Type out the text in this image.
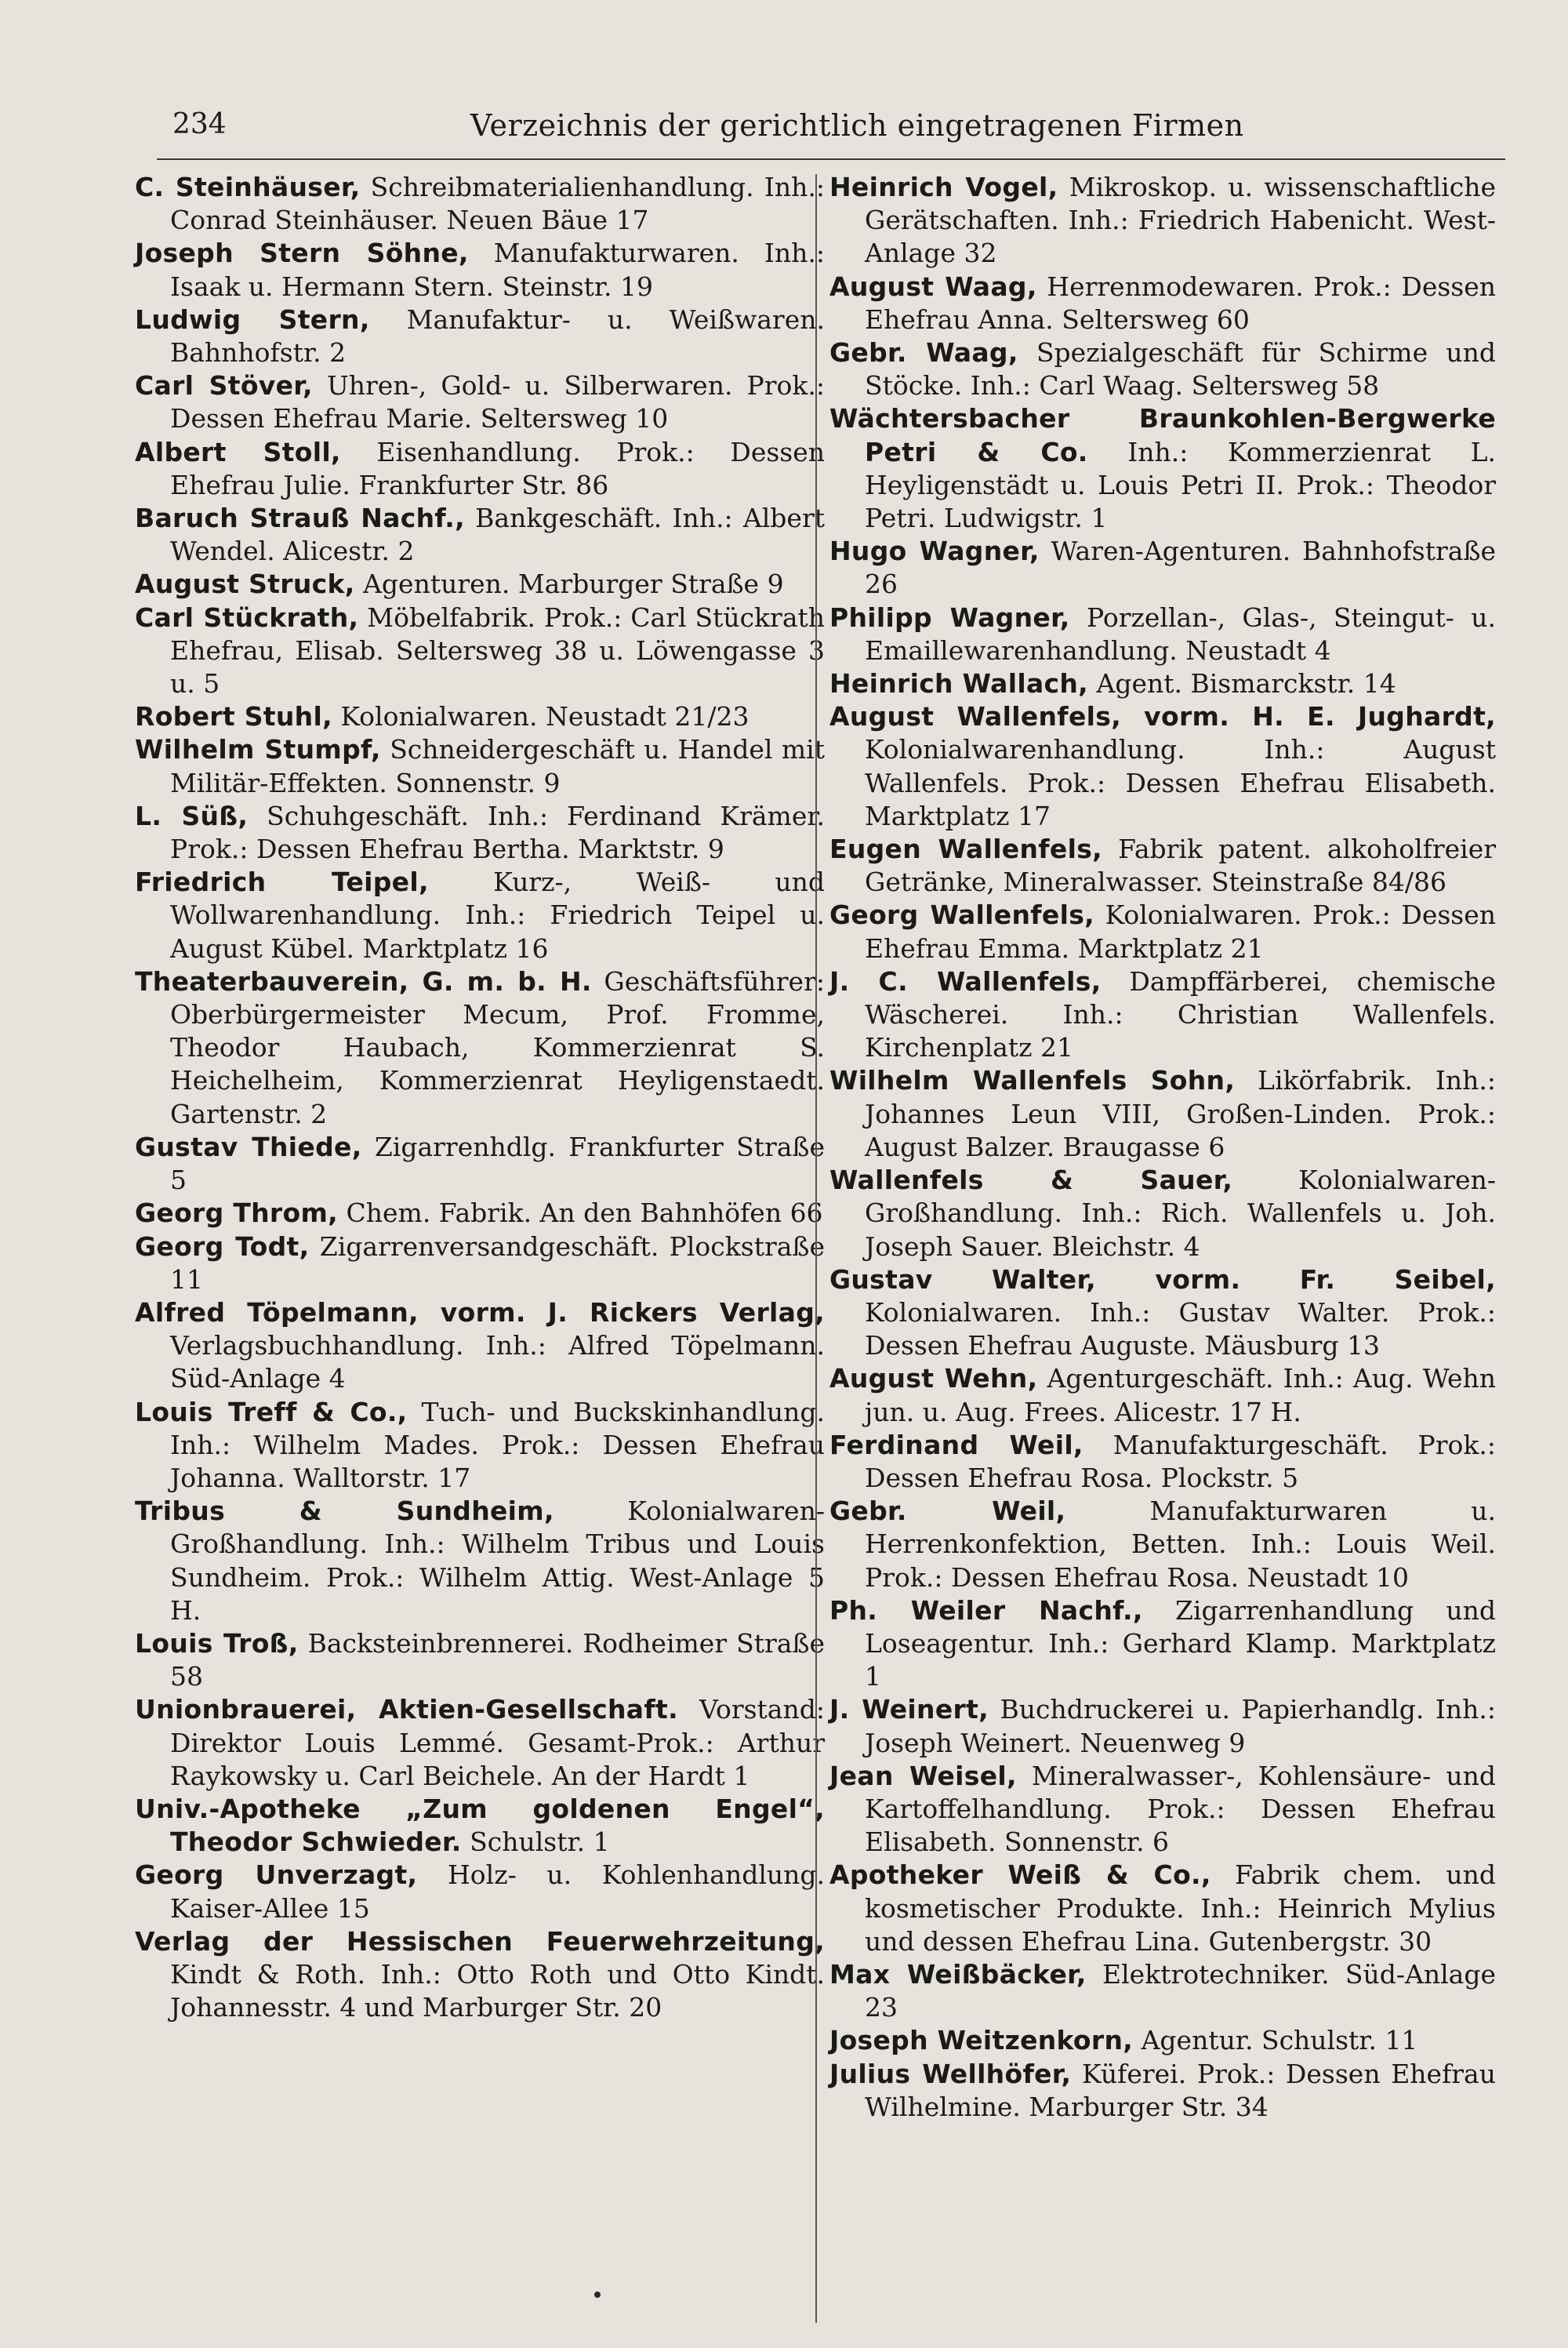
234	Verzeichnis der gerichtlich eingetragenen Firmen

C. Steinhäuser, Schreibmaterialienhandlung. Inh.: Conrad Steinhäuser. Neuen Bäue 17

Joseph Stern Söhne, Manufakturwaren. Inh.: Isaak u. Hermann Stern. Steinstr. 19

Ludwig Stern, Manufaktur- u. Weißwaren. Bahnhofstr. 2

Carl Stöver, Uhren-, Gold- u. Silberwaren. Prok.: Dessen Ehefrau Marie. Seltersweg 10

Albert Stoll, Eisenhandlung. Prok.: Dessen Ehefrau Julie. Frankfurter Str. 86

Baruch Strauß Nachf., Bankgeschäft. Inh.: Albert Wendel. Alicestr. 2

August Struck, Agenturen. Marburger Straße 9

Carl Stückrath, Möbelfabrik. Prok.: Carl Stückrath Ehefrau, Elisab. Seltersweg 38 u. Löwengasse 3 u. 5

Robert Stuhl, Kolonialwaren. Neustadt 21/23

Wilhelm Stumpf, Schneidergeschäft u. Handel mit Militär-Effekten. Sonnenstr. 9

L. Süß, Schuhgeschäft. Inh.: Ferdinand Krämer. Prok.: Dessen Ehefrau Bertha. Marktstr. 9

Friedrich Teipel, Kurz-, Weiß- und Wollwarenhandlung. Inh.: Friedrich Teipel u. August Kübel. Marktplatz 16

Theaterbauverein, G. m. b. H. Geschäftsführer: Oberbürgermeister Mecum, Prof. Fromme, Theodor Haubach, Kommerzienrat S. Heichelheim, Kommerzienrat Heyligenstaedt. Gartenstr. 2

Gustav Thiede, Zigarrenhdlg. Frankfurter Straße 5

Georg Throm, Chem. Fabrik. An den Bahnhöfen 66

Georg Todt, Zigarrenversandgeschäft. Plockstraße 11

Alfred Töpelmann, vorm. J. Rickers Verlag, Verlagsbuchhandlung. Inh.: Alfred Töpelmann. Süd-Anlage 4

Louis Treff & Co., Tuch- und Buckskinhandlung. Inh.: Wilhelm Mades. Prok.: Dessen Ehefrau Johanna. Walltorstr. 17

Tribus & Sundheim, Kolonialwaren-Großhandlung. Inh.: Wilhelm Tribus und Louis Sundheim. Prok.: Wilhelm Attig. West-Anlage 5 H.

Louis Troß, Backsteinbrennerei. Rodheimer Straße 58

Unionbrauerei, Aktien-Gesellschaft. Vorstand: Direktor Louis Lemmé. Gesamt-Prok.: Arthur Raykowsky u. Carl Beichele. An der Hardt 1

Univ.-Apotheke „Zum goldenen Engel“, Theodor Schwieder. Schulstr. 1

Georg Unverzagt, Holz- u. Kohlenhandlung. Kaiser-Allee 15

Verlag der Hessischen Feuerwehrzeitung, Kindt & Roth. Inh.: Otto Roth und Otto Kindt. Johannesstr. 4 und Marburger Str. 20

Heinrich Vogel, Mikroskop. u. wissenschaftliche Gerätschaften. Inh.: Friedrich Habenicht. West-Anlage 32

August Waag, Herrenmodewaren. Prok.: Dessen Ehefrau Anna. Seltersweg 60

Gebr. Waag, Spezialgeschäft für Schirme und Stöcke. Inh.: Carl Waag. Seltersweg 58

Wächtersbacher Braunkohlen-Bergwerke Petri & Co. Inh.: Kommerzienrat L. Heyligenstädt u. Louis Petri II. Prok.: Theodor Petri. Ludwigstr. 1

Hugo Wagner, Waren-Agenturen. Bahnhofstraße 26

Philipp Wagner, Porzellan-, Glas-, Steingut- u. Emaillewarenhandlung. Neustadt 4

Heinrich Wallach, Agent. Bismarckstr. 14

August Wallenfels, vorm. H. E. Jughardt, Kolonialwarenhandlung. Inh.: August Wallenfels. Prok.: Dessen Ehefrau Elisabeth. Marktplatz 17

Eugen Wallenfels, Fabrik patent. alkoholfreier Getränke, Mineralwasser. Steinstraße 84/86

Georg Wallenfels, Kolonialwaren. Prok.: Dessen Ehefrau Emma. Marktplatz 21

J. C. Wallenfels, Dampffärberei, chemische Wäscherei. Inh.: Christian Wallenfels. Kirchenplatz 21

Wilhelm Wallenfels Sohn, Likörfabrik. Inh.: Johannes Leun VIII, Großen-Linden. Prok.: August Balzer. Braugasse 6

Wallenfels & Sauer, Kolonialwaren-Großhandlung. Inh.: Rich. Wallenfels u. Joh. Joseph Sauer. Bleichstr. 4

Gustav Walter, vorm. Fr. Seibel, Kolonialwaren. Inh.: Gustav Walter. Prok.: Dessen Ehefrau Auguste. Mäusburg 13

August Wehn, Agenturgeschäft. Inh.: Aug. Wehn jun. u. Aug. Frees. Alicestr. 17 H.

Ferdinand Weil, Manufakturgeschäft. Prok.: Dessen Ehefrau Rosa. Plockstr. 5

Gebr. Weil, Manufakturwaren u. Herrenkonfektion, Betten. Inh.: Louis Weil. Prok.: Dessen Ehefrau Rosa. Neustadt 10

Ph. Weiler Nachf., Zigarrenhandlung und Loseagentur. Inh.: Gerhard Klamp. Marktplatz 1

J. Weinert, Buchdruckerei u. Papierhandlg. Inh.: Joseph Weinert. Neuenweg 9

Jean Weisel, Mineralwasser-, Kohlensäure- und Kartoffelhandlung. Prok.: Dessen Ehefrau Elisabeth. Sonnenstr. 6

Apotheker Weiß & Co., Fabrik chem. und kosmetischer Produkte. Inh.: Heinrich Mylius und dessen Ehefrau Lina. Gutenbergstr. 30

Max Weißbäcker, Elektrotechniker. Süd-Anlage 23

Joseph Weitzenkorn, Agentur. Schulstr. 11

Julius Wellhöfer, Küferei. Prok.: Dessen Ehefrau Wilhelmine. Marburger Str. 34
